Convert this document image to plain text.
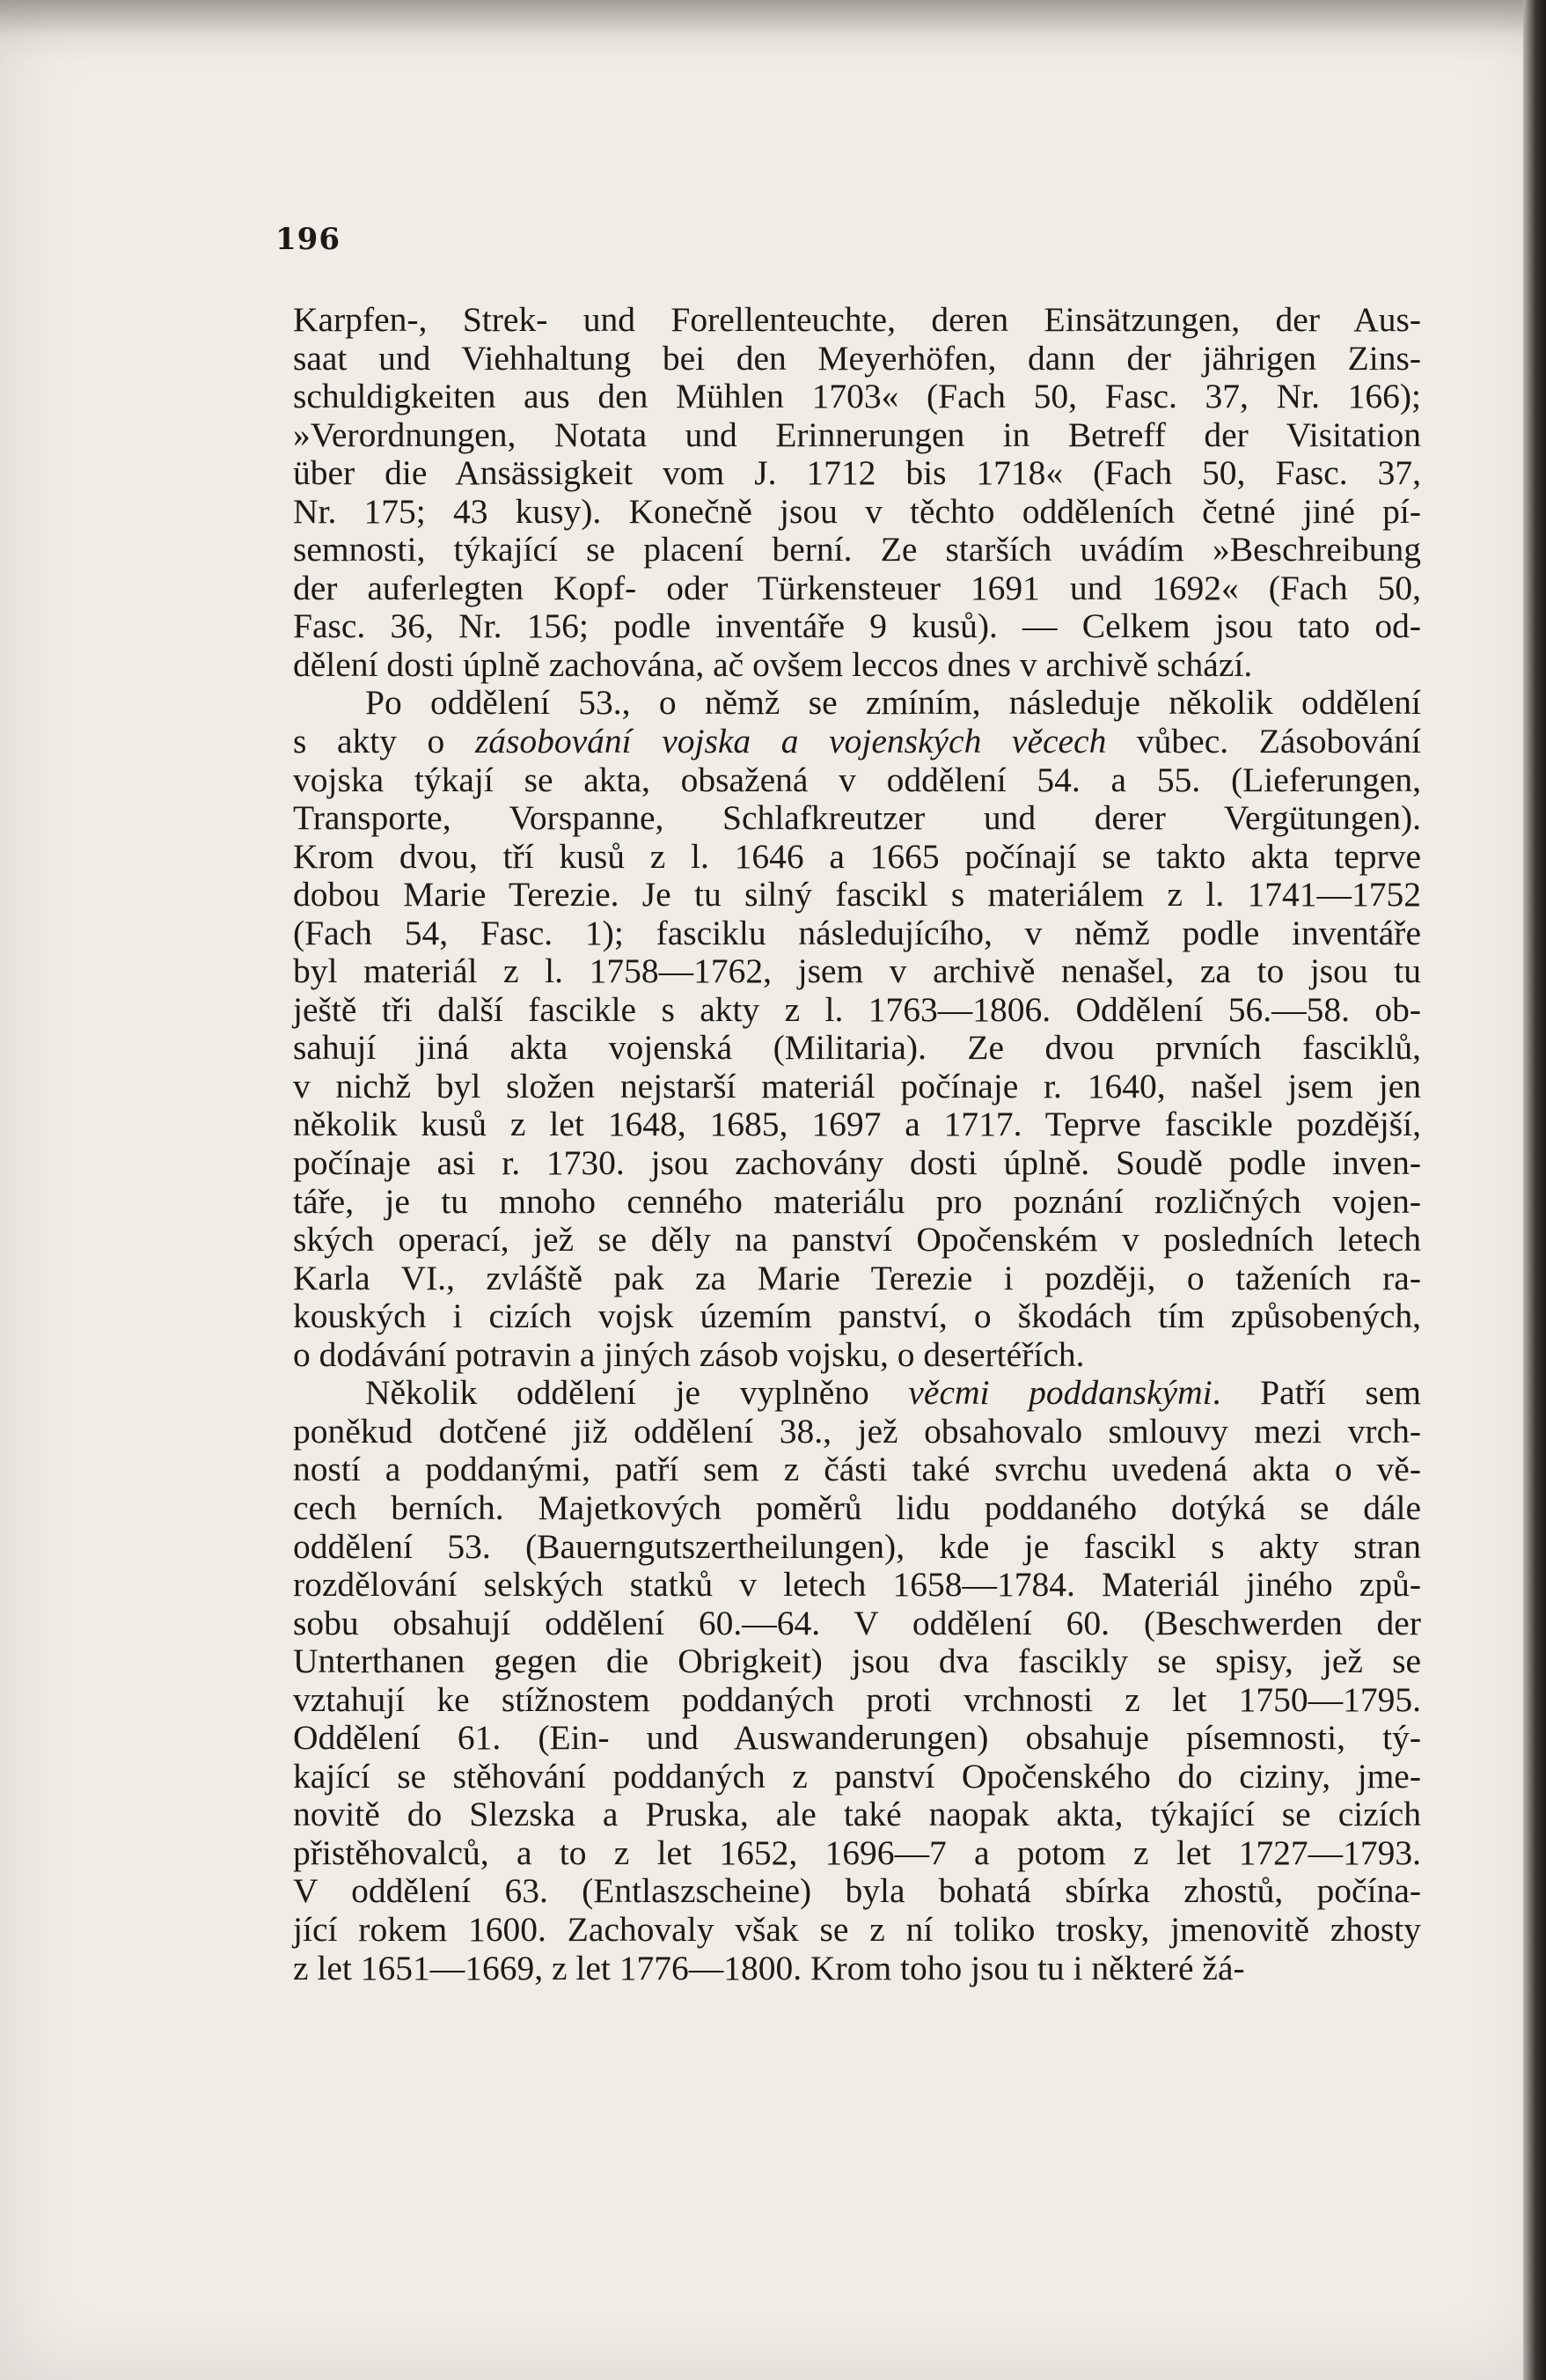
196
Karpfen-, Strek- und Forellenteuchte, deren Einsätzungen, der Aus-
saat und Viehhaltung bei den Meyerhöfen, dann der jährigen Zins-
schuldigkeiten aus den Mühlen 1703« (Fach 50, Fasc. 37, Nr. 166);
»Verordnungen, Notata und Erinnerungen in Betreff der Visitation
über die Ansässigkeit vom J. 1712 bis 1718« (Fach 50, Fasc. 37,
Nr. 175; 43 kusy). Konečně jsou v těchto odděleních četné jiné pí-
semnosti, týkající se placení berní. Ze starších uvádím »Beschreibung
der auferlegten Kopf- oder Türkensteuer 1691 und 1692« (Fach 50,
Fasc. 36, Nr. 156; podle inventáře 9 kusů). — Celkem jsou tato od-
dělení dosti úplně zachována, ač ovšem leccos dnes v archivě schází.
Po oddělení 53., o němž se zmíním, následuje několik oddělení
s akty o zásobování vojska a vojenských věcech vůbec. Zásobování
vojska týkají se akta, obsažená v oddělení 54. a 55. (Lieferungen,
Transporte, Vorspanne, Schlafkreutzer und derer Vergütungen).
Krom dvou, tří kusů z l. 1646 a 1665 počínají se takto akta teprve
dobou Marie Terezie. Je tu silný fascikl s materiálem z l. 1741—1752
(Fach 54, Fasc. 1); fasciklu následujícího, v němž podle inventáře
byl materiál z l. 1758—1762, jsem v archivě nenašel, za to jsou tu
ještě tři další fascikle s akty z l. 1763—1806. Oddělení 56.—58. ob-
sahují jiná akta vojenská (Militaria). Ze dvou prvních fasciklů,
v nichž byl složen nejstarší materiál počínaje r. 1640, našel jsem jen
několik kusů z let 1648, 1685, 1697 a 1717. Teprve fascikle pozdější,
počínaje asi r. 1730. jsou zachovány dosti úplně. Soudě podle inven-
táře, je tu mnoho cenného materiálu pro poznání rozličných vojen-
ských operací, jež se děly na panství Opočenském v posledních letech
Karla VI., zvláště pak za Marie Terezie i později, o taženích ra-
kouských i cizích vojsk územím panství, o škodách tím způsobených,
o dodávání potravin a jiných zásob vojsku, o desertéřích.
Několik oddělení je vyplněno věcmi poddanskými. Patří sem
poněkud dotčené již oddělení 38., jež obsahovalo smlouvy mezi vrch-
ností a poddanými, patří sem z části také svrchu uvedená akta o vě-
cech berních. Majetkových poměrů lidu poddaného dotýká se dále
oddělení 53. (Bauerngutszertheilungen), kde je fascikl s akty stran
rozdělování selských statků v letech 1658—1784. Materiál jiného způ-
sobu obsahují oddělení 60.—64. V oddělení 60. (Beschwerden der
Unterthanen gegen die Obrigkeit) jsou dva fascikly se spisy, jež se
vztahují ke stížnostem poddaných proti vrchnosti z let 1750—1795.
Oddělení 61. (Ein- und Auswanderungen) obsahuje písemnosti, tý-
kající se stěhování poddaných z panství Opočenského do ciziny, jme-
novitě do Slezska a Pruska, ale také naopak akta, týkající se cizích
přistěhovalců, a to z let 1652, 1696—7 a potom z let 1727—1793.
V oddělení 63. (Entlaszscheine) byla bohatá sbírka zhostů, počína-
jící rokem 1600. Zachovaly však se z ní toliko trosky, jmenovitě zhosty
z let 1651—1669, z let 1776—1800. Krom toho jsou tu i některé žá-
